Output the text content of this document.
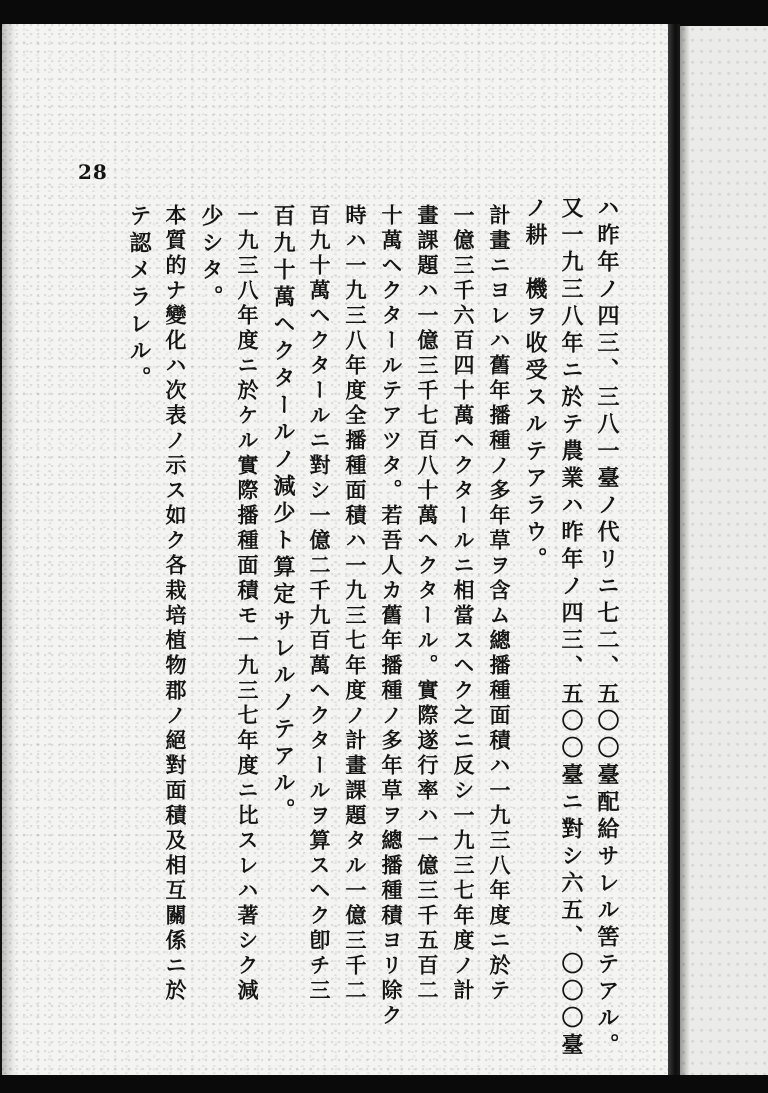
28
ハ昨年ノ四三、三八一臺ノ代リニ七二、五〇〇臺配給サレル筈テアル。
又一九三八年ニ於テ農業ハ昨年ノ四三、五〇〇臺ニ對シ六五、〇〇〇臺
ノ耕　機ヲ收受スルテアラウ。
計畫ニヨレハ舊年播種ノ多年草ヲ含ム總播種面積ハ一九三八年度ニ於テ
一億三千六百四十萬ヘクタールニ相當スヘク之ニ反シ一九三七年度ノ計
畫課題ハ一億三千七百八十萬ヘクタール。實際遂行率ハ一億三千五百二
十萬ヘクタールテアツタ。若吾人カ舊年播種ノ多年草ヲ總播種積ヨリ除ク
時ハ一九三八年度全播種面積ハ一九三七年度ノ計畫課題タル一億三千二
百九十萬ヘクタールニ對シ一億二千九百萬ヘクタールヲ算スヘク卽チ三
百九十萬ヘクタールノ減少ト算定サレルノテアル。
一九三八年度ニ於ケル實際播種面積モ一九三七年度ニ比スレハ著シク減
少シタ。
本質的ナ變化ハ次表ノ示ス如ク各栽培植物郡ノ絕對面積及相互關係ニ於
テ認メラレル。
